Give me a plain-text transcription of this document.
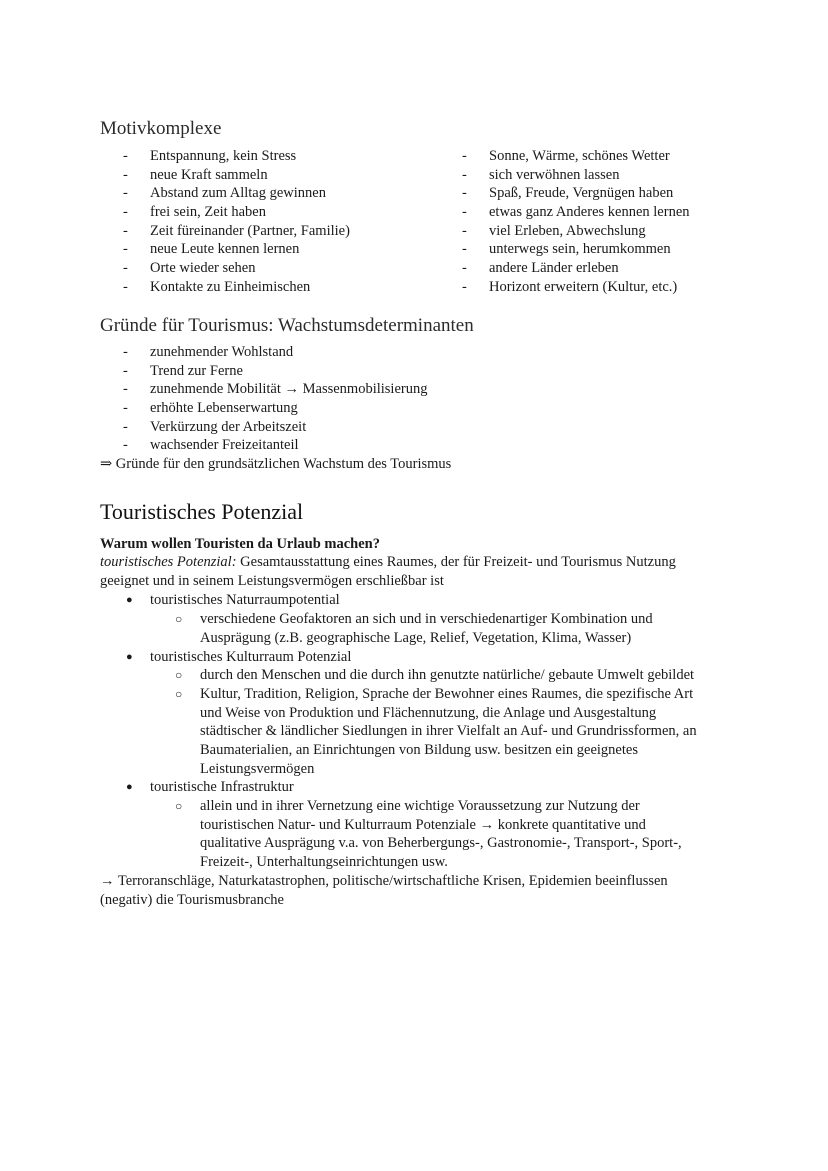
Motivkomplexe
- Entspannung, kein Stress
- neue Kraft sammeln
- Abstand zum Alltag gewinnen
- frei sein, Zeit haben
- Zeit füreinander (Partner, Familie)
- neue Leute kennen lernen
- Orte wieder sehen
- Kontakte zu Einheimischen
- Sonne, Wärme, schönes Wetter
- sich verwöhnen lassen
- Spaß, Freude, Vergnügen haben
- etwas ganz Anderes kennen lernen
- viel Erleben, Abwechslung
- unterwegs sein, herumkommen
- andere Länder erleben
- Horizont erweitern (Kultur, etc.)
Gründe für Tourismus: Wachstumsdeterminanten
- zunehmender Wohlstand
- Trend zur Ferne
- zunehmende Mobilität → Massenmobilisierung
- erhöhte Lebenserwartung
- Verkürzung der Arbeitszeit
- wachsender Freizeitanteil

⇒ Gründe für den grundsätzlichen Wachstum des Tourismus

Touristisches Potenzial

Warum wollen Touristen da Urlaub machen?

touristisches Potenzial: Gesamtausstattung eines Raumes, der für Freizeit- und Tourismus Nutzung

geeignet und in seinem Leistungsvermögen erschließbar ist

● touristisches Naturraumpotential

○ verschiedene Geofaktoren an sich und in verschiedenartiger Kombination und

Ausprägung (z.B. geographische Lage, Relief, Vegetation, Klima, Wasser)

● touristisches Kulturraum Potenzial

○ durch den Menschen und die durch ihn genutzte natürliche/ gebaute Umwelt gebildet

○ Kultur, Tradition, Religion, Sprache der Bewohner eines Raumes, die spezifische Art

und Weise von Produktion und Flächennutzung, die Anlage und Ausgestaltung

städtischer & ländlicher Siedlungen in ihrer Vielfalt an Auf- und Grundrissformen, an

Baumaterialien, an Einrichtungen von Bildung usw. besitzen ein geeignetes

Leistungsvermögen

● touristische Infrastruktur

○ allein und in ihrer Vernetzung eine wichtige Voraussetzung zur Nutzung der

touristischen Natur- und Kulturraum Potenziale → konkrete quantitative und

qualitative Ausprägung v.a. von Beherbergungs-, Gastronomie-, Transport-, Sport-,

Freizeit-, Unterhaltungseinrichtungen usw.

→ Terroranschläge, Naturkatastrophen, politische/wirtschaftliche Krisen, Epidemien beeinflussen

(negativ) die Tourismusbranche
